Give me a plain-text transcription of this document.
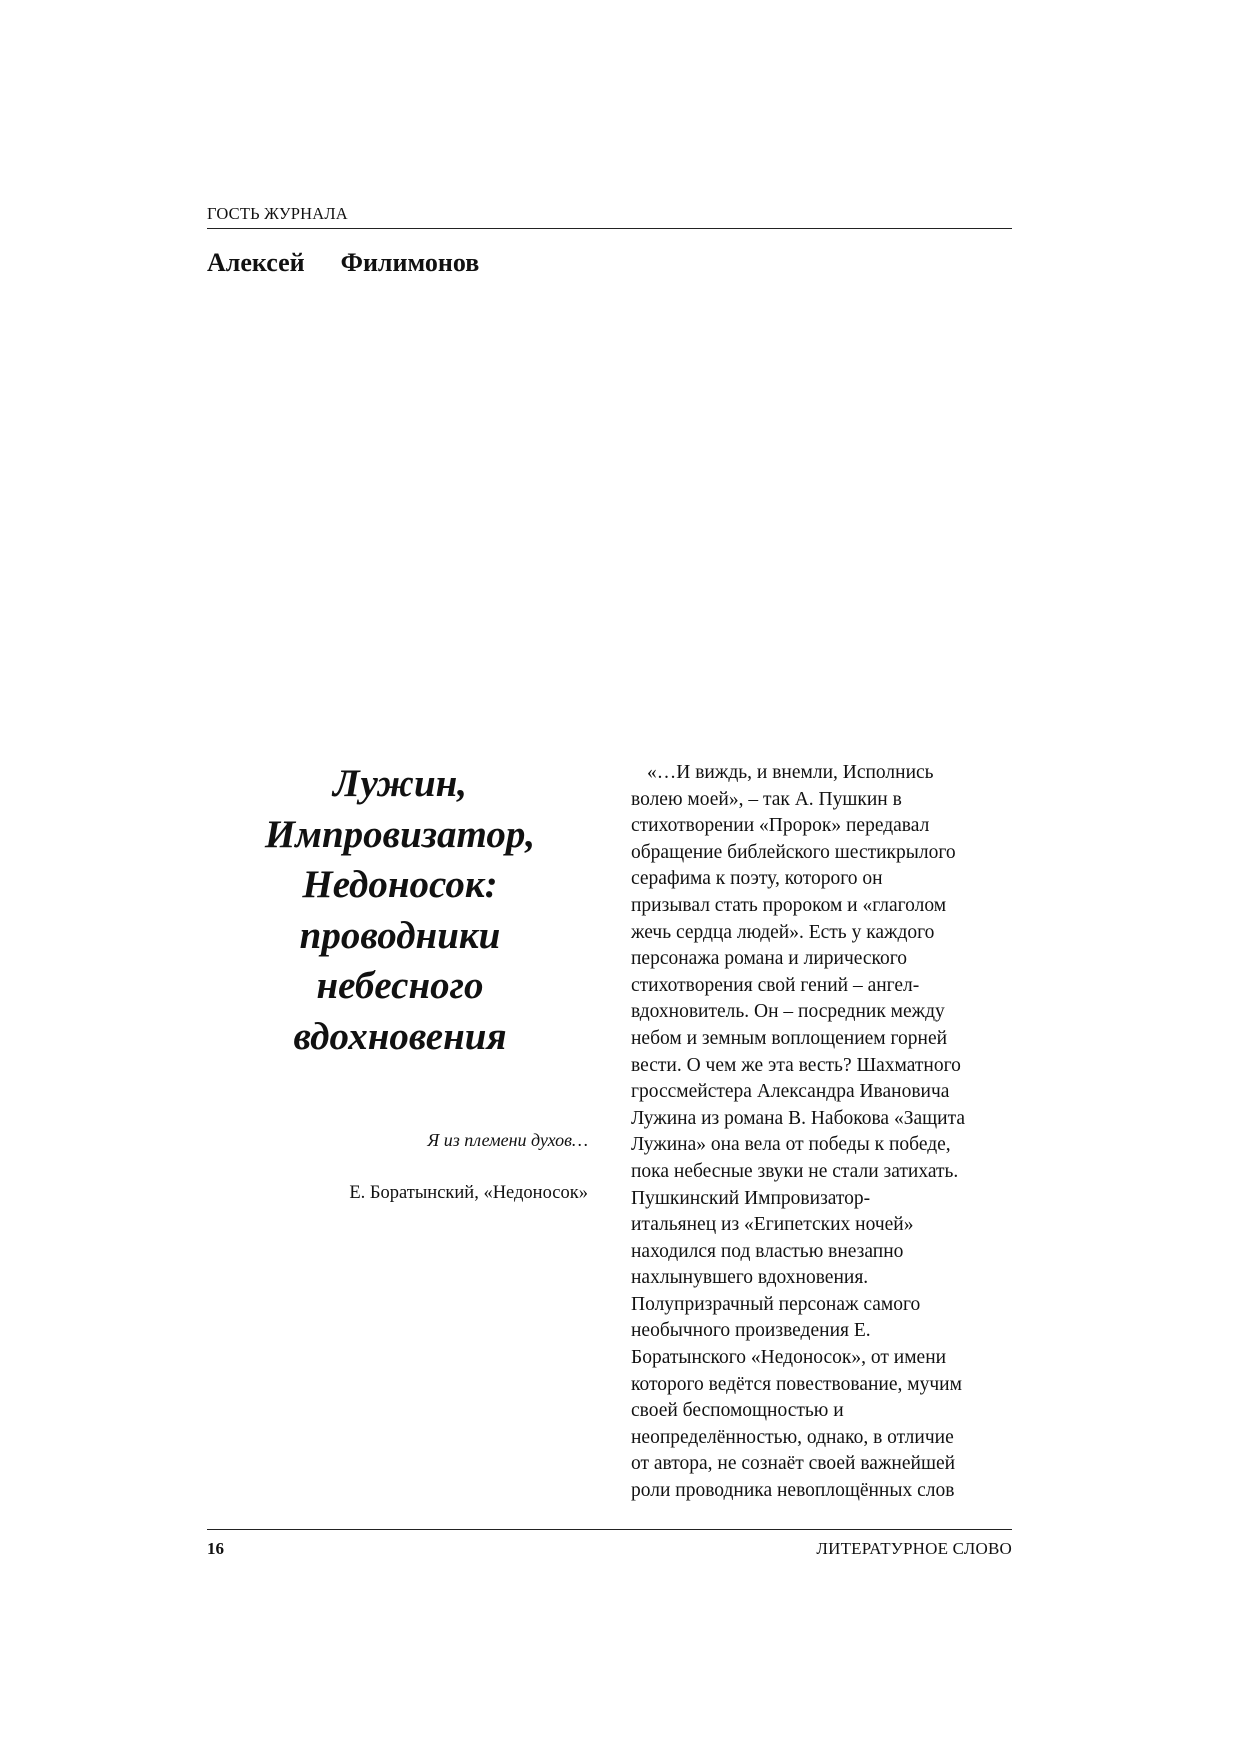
ГОСТЬ ЖУРНАЛА
Алексей Филимонов
Лужин,
Импровизатор,
Недоносок:
проводники
небесного
вдохновения
Я из племени духов…
Е. Боратынский, «Недоносок»
«…И виждь, и внемли, Исполнись
волею моей», – так А. Пушкин в
стихотворении «Пророк» передавал
обращение библейского шестикрылого
серафима к поэту, которого он
призывал стать пророком и «глаголом
жечь сердца людей». Есть у каждого
персонажа романа и лирического
стихотворения свой гений – ангел-
вдохновитель. Он – посредник между
небом и земным воплощением горней
вести. О чем же эта весть? Шахматного
гроссмейстера Александра Ивановича
Лужина из романа В. Набокова «Защита
Лужина» она вела от победы к победе,
пока небесные звуки не стали затихать.
Пушкинский Импровизатор-
итальянец из «Египетских ночей»
находился под властью внезапно
нахлынувшего вдохновения.
Полупризрачный персонаж самого
необычного произведения Е.
Боратынского «Недоносок», от имени
которого ведётся повествование, мучим
своей беспомощностью и
неопределённостью, однако, в отличие
от автора, не сознаёт своей важнейшей
роли проводника невоплощённых слов
16	ЛИТЕРАТУРНОЕ СЛОВО
